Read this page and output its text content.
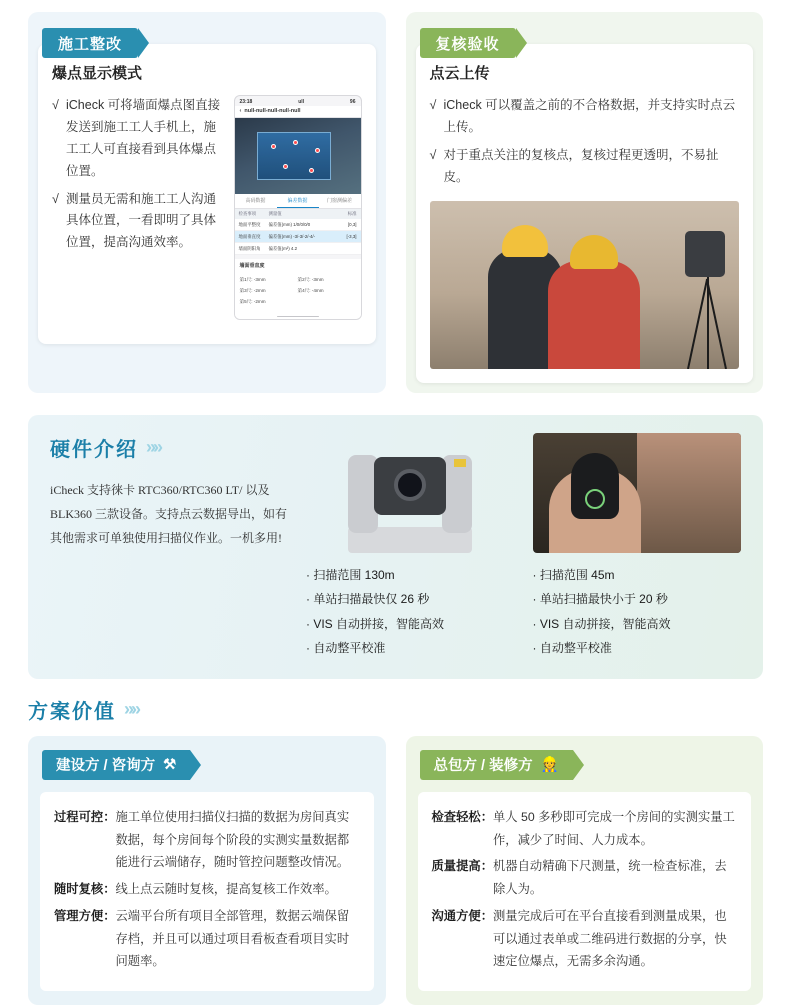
施工整改
爆点显示模式
√ iCheck 可将墙面爆点图直接发送到施工工人手机上，施工工人可直接看到具体爆点位置。
√ 测量员无需和施工工人沟通具体位置，一看即明了具体位置，提高沟通效率。
23:18	ull	96
‹ null-null-null-null-null
高码数据	偏差数据	门窗测偏差
检查事项	测量值	标准
地面平整度	偏差值(mm) 1/0/0/0/0	[0,3]
地面垂直度	偏差值(mm) -3/-3/-2/-4/-	[-3,3]
墙面阴阳角	偏差值(m²) 4.2
墙面垂直度
第1尺: -3mm	第2尺: -3mm
第3尺: -2mm	第4尺: -4mm
第5尺: -2mm
复核验收
点云上传
√ iCheck 可以覆盖之前的不合格数据，并支持实时点云上传。
√ 对于重点关注的复核点，复核过程更透明，不易扯皮。
硬件介绍 »»
iCheck 支持徕卡 RTC360/RTC360 LT/ 以及 BLK360 三款设备。支持点云数据导出，如有其他需求可单独使用扫描仪作业。一机多用!
· 扫描范围 130m
· 单站扫描最快仅 26 秒
· VIS 自动拼接，智能高效
· 自动整平校准
· 扫描范围 45m
· 单站扫描最快小于 20 秒
· VIS 自动拼接，智能高效
· 自动整平校准
方案价值 »»
建设方 / 咨询方 ⚒
过程可控： 施工单位使用扫描仪扫描的数据为房间真实数据，每个房间每个阶段的实测实量数据都能进行云端储存，随时管控问题整改情况。
随时复核： 线上点云随时复核，提高复核工作效率。
管理方便： 云端平台所有项目全部管理，数据云端保留存档，并且可以通过项目看板查看项目实时问题率。
总包方 / 装修方 👷
检查轻松： 单人 50 多秒即可完成一个房间的实测实量工作，减少了时间、人力成本。
质量提高： 机器自动精确下尺测量，统一检查标准，去除人为。
沟通方便： 测量完成后可在平台直接看到测量成果，也可以通过表单或二维码进行数据的分享，快速定位爆点，无需多余沟通。
